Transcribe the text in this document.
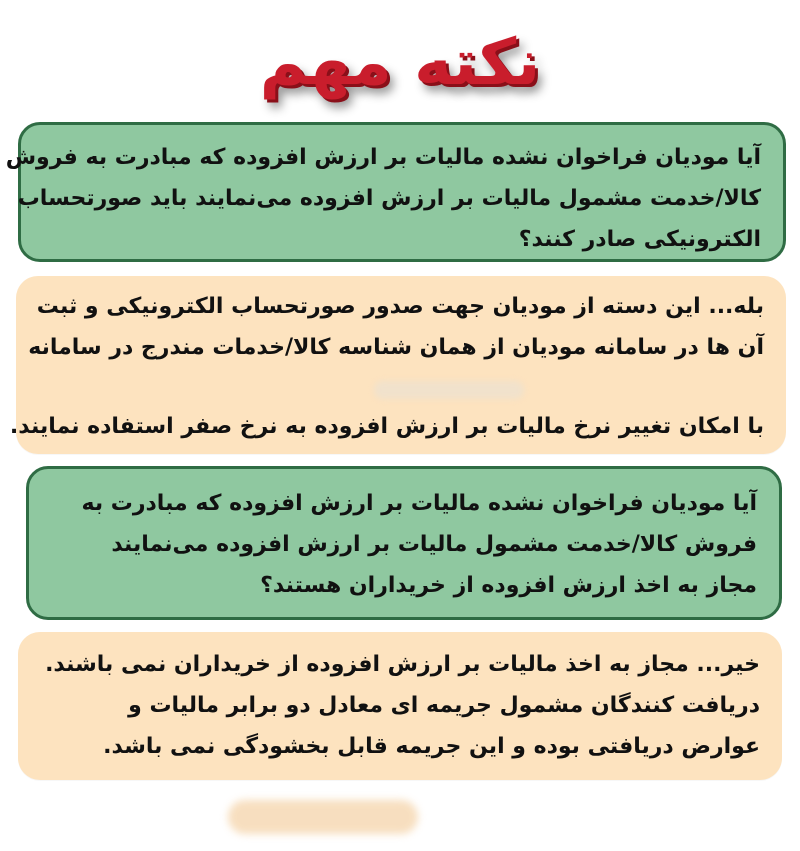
نکته مهم
آیا مودیان فراخوان نشده مالیات بر ارزش افزوده که مبادرت به فروش
کالا/خدمت مشمول مالیات بر ارزش افزوده می‌نمایند باید صورتحساب
الکترونیکی صادر کنند؟
بله... این دسته از مودیان جهت صدور صورتحساب الکترونیکی و ثبت
آن ها در سامانه مودیان از همان شناسه کالا/خدمات مندرج در سامانه
با امکان تغییر نرخ مالیات بر ارزش افزوده به نرخ صفر استفاده نمایند.
آیا مودیان فراخوان نشده مالیات بر ارزش افزوده که مبادرت به
فروش کالا/خدمت مشمول مالیات بر ارزش افزوده می‌نمایند
مجاز به اخذ ارزش افزوده از خریداران هستند؟
خیر... مجاز به اخذ مالیات بر ارزش افزوده از خریداران نمی باشند.
دریافت کنندگان مشمول جریمه ای معادل دو برابر مالیات و
عوارض دریافتی بوده و این جریمه قابل بخشودگی نمی باشد.
